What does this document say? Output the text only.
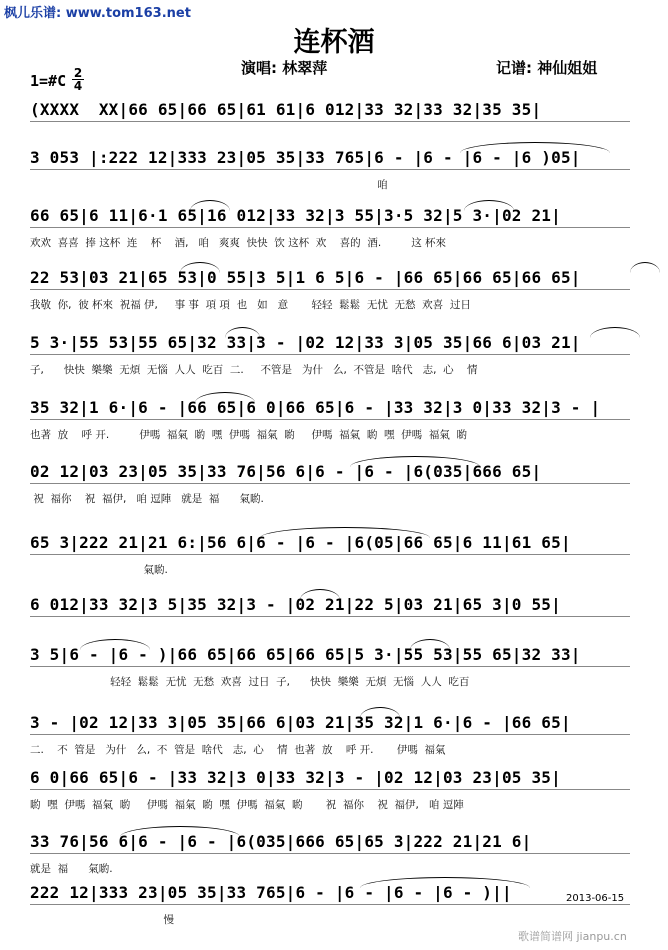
枫儿乐谱: www.tom163.net
连杯酒
演唱: 林翠萍	记谱: 神仙姐姐
1=#C 2
4
(XXXX  XX|66 65|66 65|61 61|6 012|33 32|33 32|35 35|
3 053 |:222 12|333 23|05 35|33 765|6 - |6 - |6 - |6 )05|
咱
66 65|6 11|6·1 65|16 012|33 32|3 55|3·5 32|5 3·|02 21|
欢欢  喜喜  捧 这杯  连    杯    酒,   咱   爽爽  快快  饮 这杯  欢    喜的  酒.         这 杯來
22 53|03 21|65 53|0 55|3 5|1 6 5|6 - |66 65|66 65|66 65|
我敬  你,  彼 杯來  祝福 伊,     事 事  項 項  也   如   意       轻轻  鬆鬆  无忧  无愁  欢喜  过日
5 3·|55 53|55 65|32 33|3 - |02 12|33 3|05 35|66 6|03 21|
子,      快快  樂樂  无煩  无惱  人人  吃百  二.     不管是   为什   么,  不管是  啥代   志,  心    情
35 32|1 6·|6 - |66 65|6 0|66 65|6 - |33 32|3 0|33 32|3 - |
也著  放    呼 开.         伊嗎  福氣  喲  嘿  伊嗎  福氣  喲     伊嗎  福氣  喲  嘿  伊嗎  福氣  喲
02 12|03 23|05 35|33 76|56 6|6 - |6 - |6(035|666 65|
祝  福你    祝  福伊,   咱 逗陣   就是  福      氣喲.
65 3|222 21|21 6:|56 6|6 - |6 - |6(05|66 65|6 11|61 65|
氣喲.
6 012|33 32|3 5|35 32|3 - |02 21|22 5|03 21|65 3|0 55|
3 5|6 - |6 - )|66 65|66 65|66 65|5 3·|55 53|55 65|32 33|
轻轻  鬆鬆  无忧  无愁  欢喜  过日  子,      快快  樂樂  无煩  无惱  人人  吃百
3 - |02 12|33 3|05 35|66 6|03 21|35 32|1 6·|6 - |66 65|
二.    不  管是   为什   么,  不  管是  啥代   志,  心    情  也著  放    呼 开.       伊嗎  福氣
6 0|66 65|6 - |33 32|3 0|33 32|3 - |02 12|03 23|05 35|
喲  嘿  伊嗎  福氣  喲     伊嗎  福氣  喲  嘿  伊嗎  福氣  喲       祝  福你    祝  福伊,   咱 逗陣
33 76|56 6|6 - |6 - |6(035|666 65|65 3|222 21|21 6|
就是  福      氣喲.
222 12|333 23|05 35|33 765|6 - |6 - |6 - |6 - )||
慢
2013-06-15
歌谱简谱网 jianpu.cn
